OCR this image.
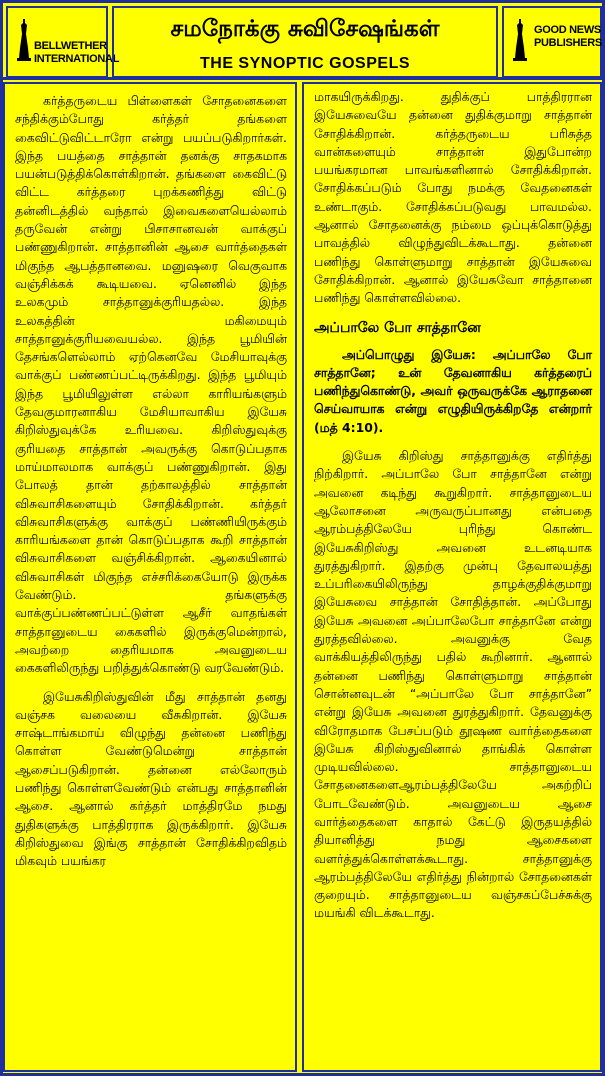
BELLWETHER INTERNATIONAL
சமநோக்கு சுவிசேஷங்கள்
THE SYNOPTIC GOSPELS
GOOD NEWS PUBLISHERS

கர்த்தருடைய பிள்ளைகள் சோதனைகளை சந்திக்கும்போது கர்த்தர் தங்களை கைவிட்டுவிட்டாரோ என்று பயப்படுகிறார்கள். இந்த பயத்தை சாத்தான் தனக்கு சாதகமாக பயன்படுத்திக்கொள்கிறான். தங்களை கைவிட்டு விட்ட கர்த்தரை புறக்கணித்து விட்டு தன்னிடத்தில் வந்தால் இவைகளையெல்லாம் தருவேன் என்று பிசாசானவன் வாக்குப் பண்ணுகிறான். சாத்தானின் ஆசை வார்த்தைகள் மிகுந்த ஆபத்தானவை. மனுஷரை வெகுவாக வஞ்சிக்கக் கூடியவை. ஏனெனில் இந்த உலகமும் சாத்தானுக்குரியதல்ல. இந்த உலகத்தின் மகிமையும் சாத்தானுக்குரியவையல்ல. இந்த பூமியின் தேசங்களெல்லாம் ஏற்கெனவே மேசியாவுக்கு வாக்குப் பண்ணப்பட்டிருக்கிறது. இந்த பூமியும் இந்த பூமியிலுள்ள எல்லா காரியங்களும் தேவகுமாரனாகிய மேசியாவாகிய இயேசு கிறிஸ்துவுக்கே உரியவை. கிறிஸ்துவுக்கு குரியதை சாத்தான் அவருக்கு கொடுப்பதாக மாய்மாலமாக வாக்குப் பண்ணுகிறான். இது போலத் தான் தற்காலத்தில் சாத்தான் விசுவாசிகளையும் சோதிக்கிறான். கர்த்தர் விசுவாசிகளுக்கு வாக்குப் பண்ணியிருக்கும் காரியங்களை தான் கொடுப்பதாக கூறி சாத்தான் விசுவாசிகளை வஞ்சிக்கிறான். ஆகையினால் விசுவாசிகள் மிகுந்த எச்சரிக்கையோடு இருக்க வேண்டும். தங்களுக்கு வாக்குப்பண்ணப்பட்டுள்ள ஆசீர் வாதங்கள் சாத்தானுடைய கைகளில் இருக்குமென்றால், அவற்றை தைரியமாக அவனுடைய கைகளிலிருந்து பறித்துக்கொண்டு வரவேண்டும்.

இயேசுகிறிஸ்துவின் மீது சாத்தான் தனது வஞ்சக வலையை வீசுகிறான். இயேசு சாஷ்டாங்கமாய் விழுந்து தன்னை பணிந்து கொள்ள வேண்டுமென்று சாத்தான் ஆசைப்படுகிறான். தன்னை எல்லோரும் பணிந்து கொள்ளவேண்டும் என்பது சாத்தானின் ஆசை. ஆனால் கர்த்தர் மாத்திரமே நமது துதிகளுக்கு பாத்திரராக இருக்கிறார். இயேசு கிறிஸ்துவை இங்கு சாத்தான் சோதிக்கிறவிதம் மிகவும் பயங்கர

மாகயிருக்கிறது. துதிக்குப் பாத்திரரான இயேசுவையே தன்னை துதிக்குமாறு சாத்தான் சோதிக்கிறான். கர்த்தருடைய பரிசுத்த வான்களையும் சாத்தான் இதுபோன்ற பயங்கரமான பாவங்களினால் சோதிக்கிறான். சோதிக்கப்படும் போது நமக்கு வேதனைகள் உண்டாகும். சோதிக்கப்படுவது பாவமல்ல. ஆனால் சோதனைக்கு நம்மை ஒப்புக்கொடுத்து பாவத்தில் விழுந்துவிடக்கூடாது. தன்னை பணிந்து கொள்ளுமாறு சாத்தான் இயேசுவை சோதிக்கிறான். ஆனால் இயேசுவோ சாத்தானை பணிந்து கொள்ளவில்லை.

அப்பாலே போ சாத்தானே

அப்பொழுது இயேசு: அப்பாலே போ சாத்தானே; உன் தேவனாகிய கர்த்தரைப் பணிந்துகொண்டு, அவர் ஒருவருக்கே ஆராதனை செய்வாயாக என்று எழுதியிருக்கிறதே என்றார் (மத் 4:10).

இயேசு கிறிஸ்து சாத்தானுக்கு எதிர்த்து நிற்கிறார். அப்பாலே போ சாத்தானே என்று அவனை கடிந்து கூறுகிறார். சாத்தானுடைய ஆலோசனை அருவருப்பானது என்பதை ஆரம்பத்திலேயே புரிந்து கொண்ட இயேசுகிறிஸ்து அவனை உடனடியாக துரத்துகிறார். இதற்கு முன்பு தேவாலயத்து உப்பரிகையிலிருந்து தாழக்குதிக்குமாறு இயேசுவை சாத்தான் சோதித்தான். அப்போது இயேசு அவனை அப்பாலேபோ சாத்தானே என்று துரத்தவில்லை. அவனுக்கு வேத வாக்கியத்திலிருந்து பதில் கூறினார். ஆனால் தன்னை பணிந்து கொள்ளுமாறு சாத்தான் சொன்னவுடன் “அப்பாலே போ சாத்தானே” என்று இயேசு அவனை துரத்துகிறார். தேவனுக்கு விரோதமாக பேசப்படும் தூஷண வார்த்தைகளை இயேசு கிறிஸ்துவினால் தாங்கிக் கொள்ள முடியவில்லை. சாத்தானுடைய சோதனைகளைஆரம்பத்திலேயே அகற்றிப் போடவேண்டும். அவனுடைய ஆசை வார்த்தைகளை காதால் கேட்டு இருதயத்தில் தியானித்து நமது ஆசைகளை வளர்த்துக்கொள்ளக்கூடாது. சாத்தானுக்கு ஆரம்பத்திலேயே எதிர்த்து நின்றால் சோதனைகள் குறையும். சாத்தானுடைய வஞ்சகப்பேச்சுக்கு மயங்கி விடக்கூடாது.
